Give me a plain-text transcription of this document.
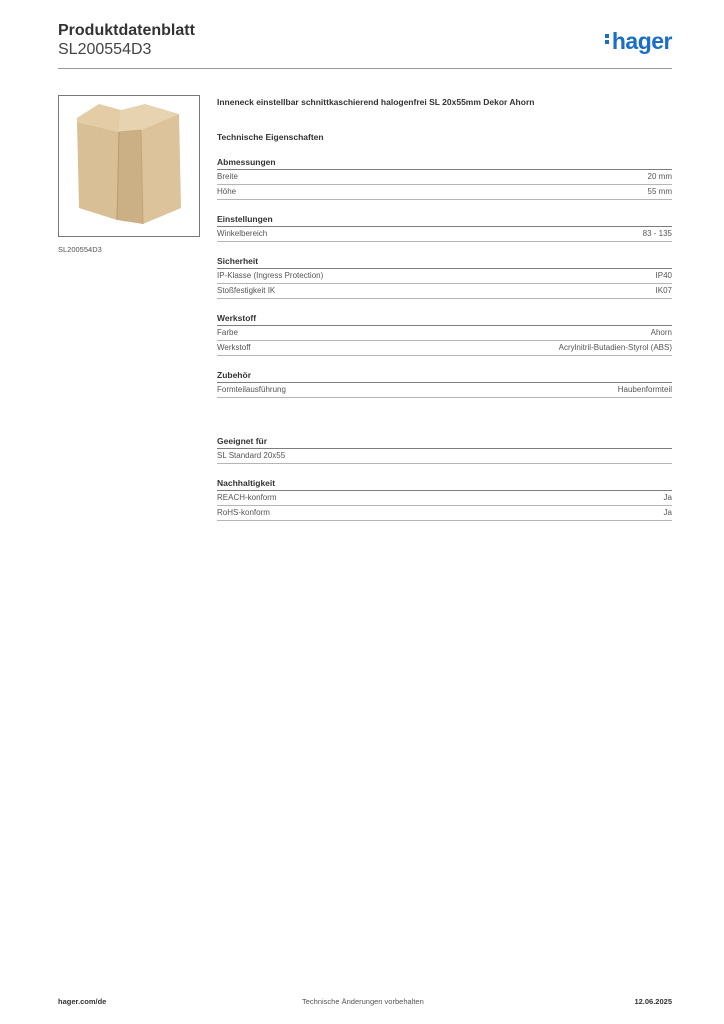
Produktdatenblatt
SL200554D3	hager
SL200554D3
Inneneck einstellbar schnittkaschierend halogenfrei SL 20x55mm Dekor Ahorn
Technische Eigenschaften
Abmessungen
Breite	20 mm
Höhe	55 mm
Einstellungen
Winkelbereich	83 - 135
Sicherheit
IP-Klasse (Ingress Protection)	IP40
Stoßfestigkeit IK	IK07
Werkstoff
Farbe	Ahorn
Werkstoff	Acrylnitril-Butadien-Styrol (ABS)
Zubehör
Formteilausführung	Haubenformteil
Geeignet für
SL Standard 20x55
Nachhaltigkeit
REACH-konform	Ja
RoHS-konform	Ja
hager.com/de	Technische Änderungen vorbehalten	12.06.2025
